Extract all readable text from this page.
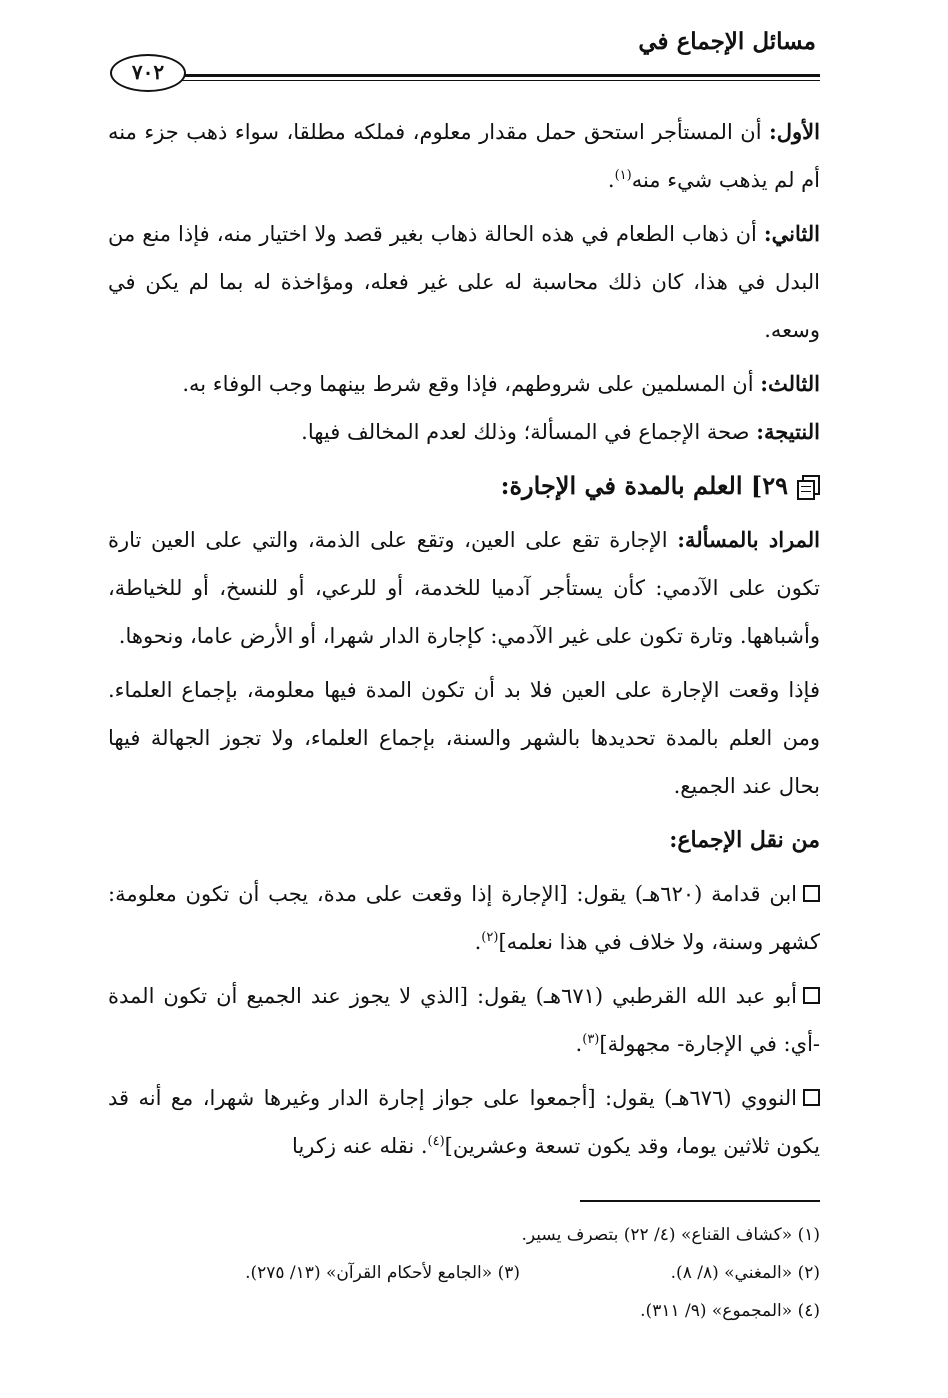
مسائل الإجماع في
٧٠٢

الأول: أن المستأجر استحق حمل مقدار معلوم، فملكه مطلقا، سواء ذهب جزء منه أم لم يذهب شيء منه$^{(١)}$.

الثاني: أن ذهاب الطعام في هذه الحالة ذهاب بغير قصد ولا اختيار منه، فإذا منع من البدل في هذا، كان ذلك محاسبة له على غير فعله، ومؤاخذة له بما لم يكن في وسعه.

الثالث: أن المسلمين على شروطهم، فإذا وقع شرط بينهما وجب الوفاء به.

النتيجة: صحة الإجماع في المسألة؛ وذلك لعدم المخالف فيها.

٢٩] العلم بالمدة في الإجارة:

المراد بالمسألة: الإجارة تقع على العين، وتقع على الذمة، والتي على العين تارة تكون على الآدمي: كأن يستأجر آدميا للخدمة، أو للرعي، أو للنسخ، أو للخياطة، وأشباهها. وتارة تكون على غير الآدمي: كإجارة الدار شهرا، أو الأرض عاما، ونحوها.

فإذا وقعت الإجارة على العين فلا بد أن تكون المدة فيها معلومة، بإجماع العلماء. ومن العلم بالمدة تحديدها بالشهر والسنة، بإجماع العلماء، ولا تجوز الجهالة فيها بحال عند الجميع.

من نقل الإجماع:

ابن قدامة (٦٢٠هـ) يقول: [الإجارة إذا وقعت على مدة، يجب أن تكون معلومة: كشهر وسنة، ولا خلاف في هذا نعلمه]$^{(٢)}$.

أبو عبد الله القرطبي (٦٧١هـ) يقول: [الذي لا يجوز عند الجميع أن تكون المدة -أي: في الإجارة- مجهولة]$^{(٣)}$.

النووي (٦٧٦هـ) يقول: [أجمعوا على جواز إجارة الدار وغيرها شهرا، مع أنه قد يكون ثلاثين يوما، وقد يكون تسعة وعشرين]$^{(٤)}$. نقله عنه زكريا

(١) «كشاف القناع» (٤/ ٢٢) بتصرف يسير.
(٢) «المغني» (٨/ ٨).
(٣) «الجامع لأحكام القرآن» (١٣/ ٢٧٥).
(٤) «المجموع» (٩/ ٣١١).
